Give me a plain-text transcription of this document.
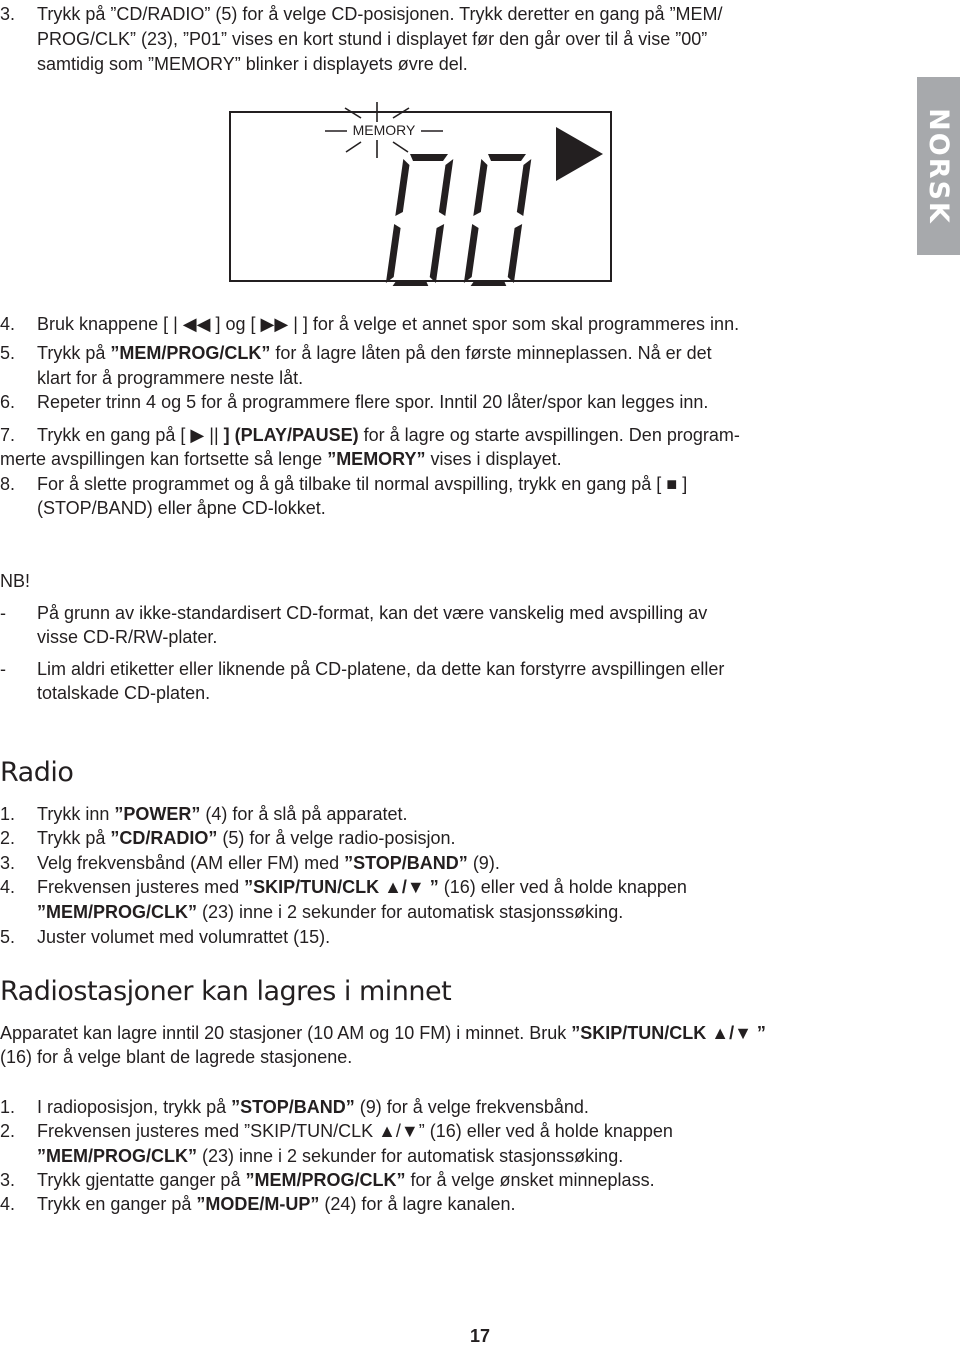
NORSK
3.	Trykk på ”CD/RADIO” (5) for å velge CD-posisjonen. Trykk deretter en gang på ”MEM/
PROG/CLK” (23), ”P01” vises en kort stund i displayet før den går over til å vise ”00”
samtidig som ”MEMORY” blinker i displayets øvre del.
MEMORY
00
4.	Bruk knappene [ | ◀◀ ] og [ ▶▶ | ] for å velge et annet spor som skal programmeres inn.
5.	Trykk på ”MEM/PROG/CLK” for å lagre låten på den første minneplassen. Nå er det
klart for å programmere neste låt.
6.	Repeter trinn 4 og 5 for å programmere flere spor. Inntil 20 låter/spor kan legges inn.
7.	Trykk en gang på [ ▶ || ] (PLAY/PAUSE) for å lagre og starte avspillingen. Den program-
merte avspillingen kan fortsette så lenge ”MEMORY” vises i displayet.
8.	For å slette programmet og å gå tilbake til normal avspilling, trykk en gang på [ ■ ]
(STOP/BAND) eller åpne CD-lokket.
NB!
-	På grunn av ikke-standardisert CD-format, kan det være vanskelig med avspilling av
visse CD-R/RW-plater.
-	Lim aldri etiketter eller liknende på CD-platene, da dette kan forstyrre avspillingen eller
totalskade CD-platen.
Radio
1.	Trykk inn ”POWER” (4) for å slå på apparatet.
2.	Trykk på ”CD/RADIO” (5) for å velge radio-posisjon.
3.	Velg frekvensbånd (AM eller FM) med ”STOP/BAND” (9).
4.	Frekvensen justeres med ”SKIP/TUN/CLK ▲/▼ ” (16) eller ved å holde knappen
”MEM/PROG/CLK” (23) inne i 2 sekunder for automatisk stasjonssøking.
5.	Juster volumet med volumrattet (15).
Radiostasjoner kan lagres i minnet
Apparatet kan lagre inntil 20 stasjoner (10 AM og 10 FM) i minnet. Bruk ”SKIP/TUN/CLK ▲/▼ ”
(16) for å velge blant de lagrede stasjonene.
1.	I radioposisjon, trykk på ”STOP/BAND” (9) for å velge frekvensbånd.
2.	Frekvensen justeres med ”SKIP/TUN/CLK ▲/▼” (16) eller ved å holde knappen
”MEM/PROG/CLK” (23) inne i 2 sekunder for automatisk stasjonssøking.
3.	Trykk gjentatte ganger på ”MEM/PROG/CLK” for å velge ønsket minneplass.
4.	Trykk en ganger på ”MODE/M-UP” (24) for å lagre kanalen.
17
